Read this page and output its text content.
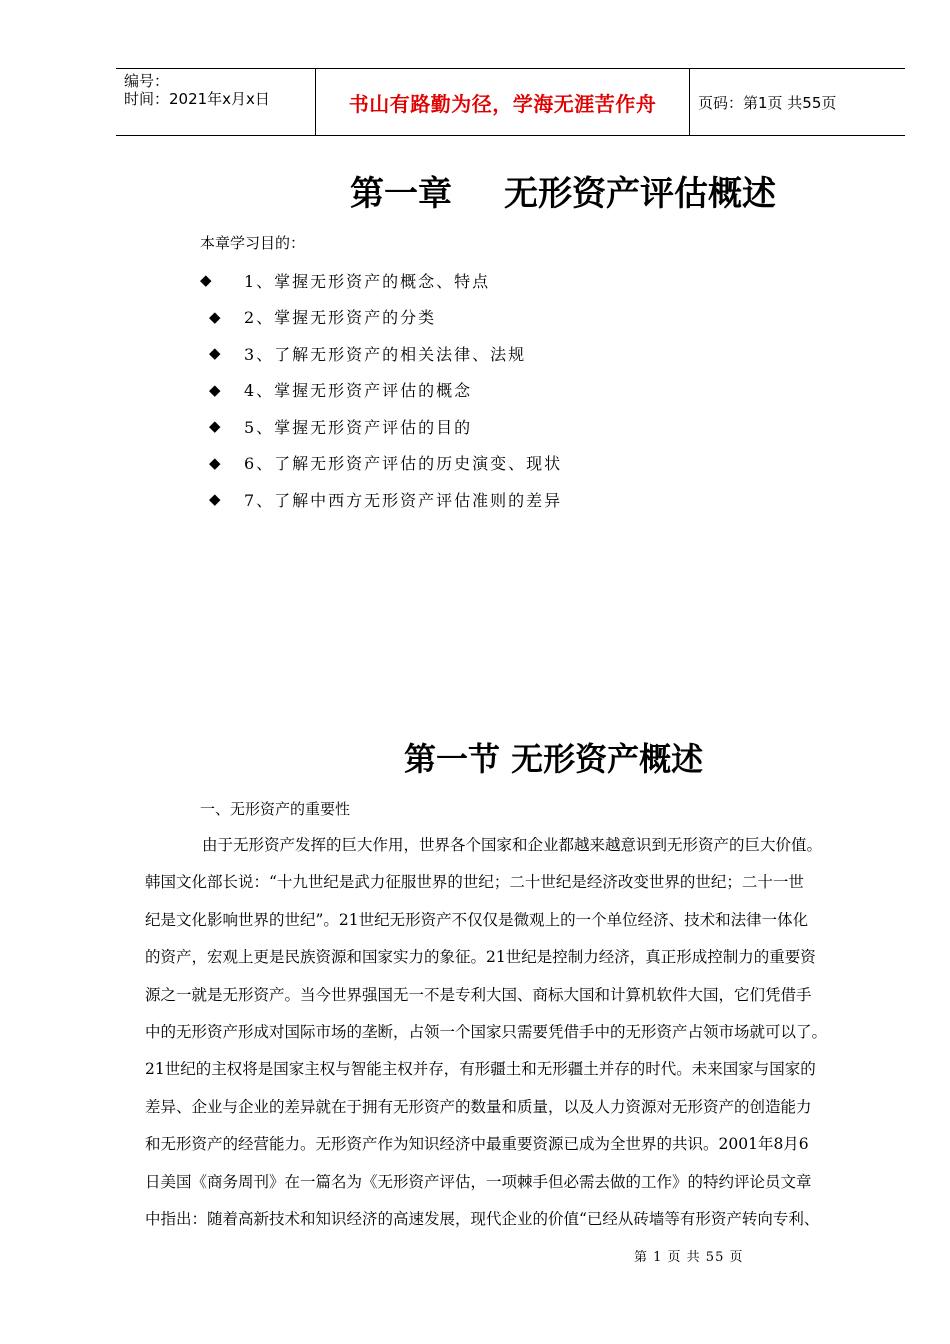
编号：
时间：2021年x月x日	书山有路勤为径，学海无涯苦作舟	页码：第1页 共55页
第一章 无形资产评估概述
本章学习目的：
◆	1、掌握无形资产的概念、特点
◆	2、掌握无形资产的分类
◆	3、了解无形资产的相关法律、法规
◆	4、掌握无形资产评估的概念
◆	5、掌握无形资产评估的目的
◆	6、了解无形资产评估的历史演变、现状
◆	7、了解中西方无形资产评估准则的差异
第一节 无形资产概述
一、无形资产的重要性
由于无形资产发挥的巨大作用，世界各个国家和企业都越来越意识到无形资产的巨大价值。
韩国文化部长说：“十九世纪是武力征服世界的世纪；二十世纪是经济改变世界的世纪；二十一世
纪是文化影响世界的世纪”。21世纪无形资产不仅仅是微观上的一个单位经济、技术和法律一体化
的资产，宏观上更是民族资源和国家实力的象征。21世纪是控制力经济，真正形成控制力的重要资
源之一就是无形资产。当今世界强国无一不是专利大国、商标大国和计算机软件大国，它们凭借手
中的无形资产形成对国际市场的垄断，占领一个国家只需要凭借手中的无形资产占领市场就可以了。
21世纪的主权将是国家主权与智能主权并存，有形疆土和无形疆土并存的时代。未来国家与国家的
差异、企业与企业的差异就在于拥有无形资产的数量和质量，以及人力资源对无形资产的创造能力
和无形资产的经营能力。无形资产作为知识经济中最重要资源已成为全世界的共识。2001年8月6
日美国《商务周刊》在一篇名为《无形资产评估，一项棘手但必需去做的工作》的特约评论员文章
中指出：随着高新技术和知识经济的高速发展，现代企业的价值“已经从砖墙等有形资产转向专利、
第 1 页 共 55 页
